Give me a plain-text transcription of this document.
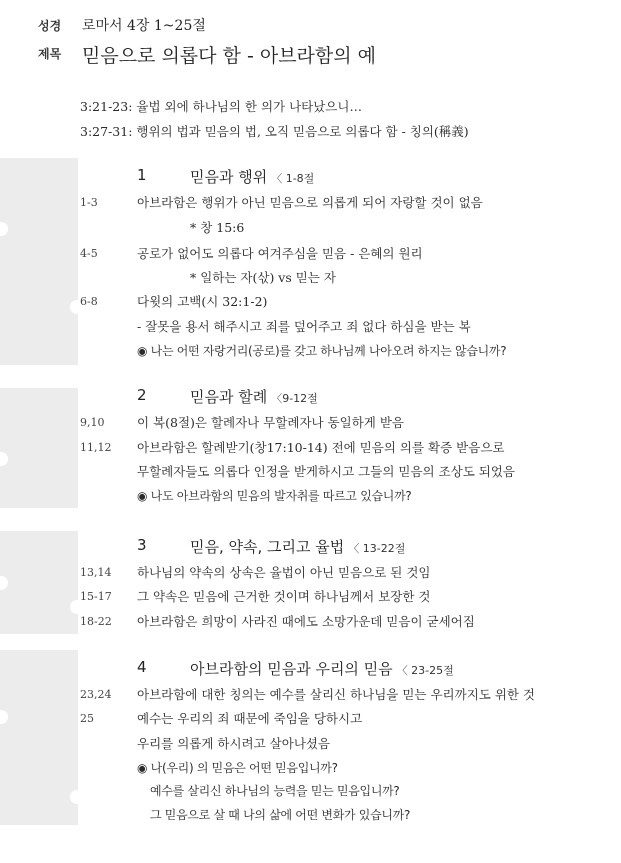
성경 로마서 4장 1~25절
제목 믿음으로 의롭다 함 - 아브라함의 예
3:21-23: 율법 외에 하나님의 한 의가 나타났으니…
3:27-31: 행위의 법과 믿음의 법, 오직 믿음으로 의롭다 함 - 칭의(稱義)
1	믿음과 행위 〈 1-8절
1-3	아브라함은 행위가 아닌 믿음으로 의롭게 되어 자랑할 것이 없음
* 창 15:6
4-5	공로가 없어도 의롭다 여겨주심을 믿음 - 은혜의 원리
* 일하는 자(삯) vs 믿는 자
6-8	다윗의 고백(시 32:1-2)
- 잘못을 용서 해주시고 죄를 덮어주고 죄 없다 하심을 받는 복
◉ 나는 어떤 자랑거리(공로)를 갖고 하나님께 나아오려 하지는 않습니까?
2	믿음과 할례 〈9-12절
9,10	이 복(8절)은 할례자나 무할례자나 동일하게 받음
11,12 아브라함은 할례받기(창17:10-14) 전에 믿음의 의를 확증 받음으로
무할례자들도 의롭다 인정을 받게하시고 그들의 믿음의 조상도 되었음
◉ 나도 아브라함의 믿음의 발자취를 따르고 있습니까?
3	믿음, 약속, 그리고 율법 〈 13-22절
13,14 하나님의 약속의 상속은 율법이 아닌 믿음으로 된 것임
15-17 그 약속은 믿음에 근거한 것이며 하나님께서 보장한 것
18-22 아브라함은 희망이 사라진 때에도 소망가운데 믿음이 굳세어짐
4	아브라함의 믿음과 우리의 믿음 〈 23-25절
23,24 아브라함에 대한 칭의는 예수를 살리신 하나님을 믿는 우리까지도 위한 것
25	예수는 우리의 죄 때문에 죽임을 당하시고
우리를 의롭게 하시려고 살아나셨음
◉ 나(우리) 의 믿음은 어떤 믿음입니까?
예수를 살리신 하나님의 능력을 믿는 믿음입니까?
그 믿음으로 살 때 나의 삶에 어떤 변화가 있습니까?
